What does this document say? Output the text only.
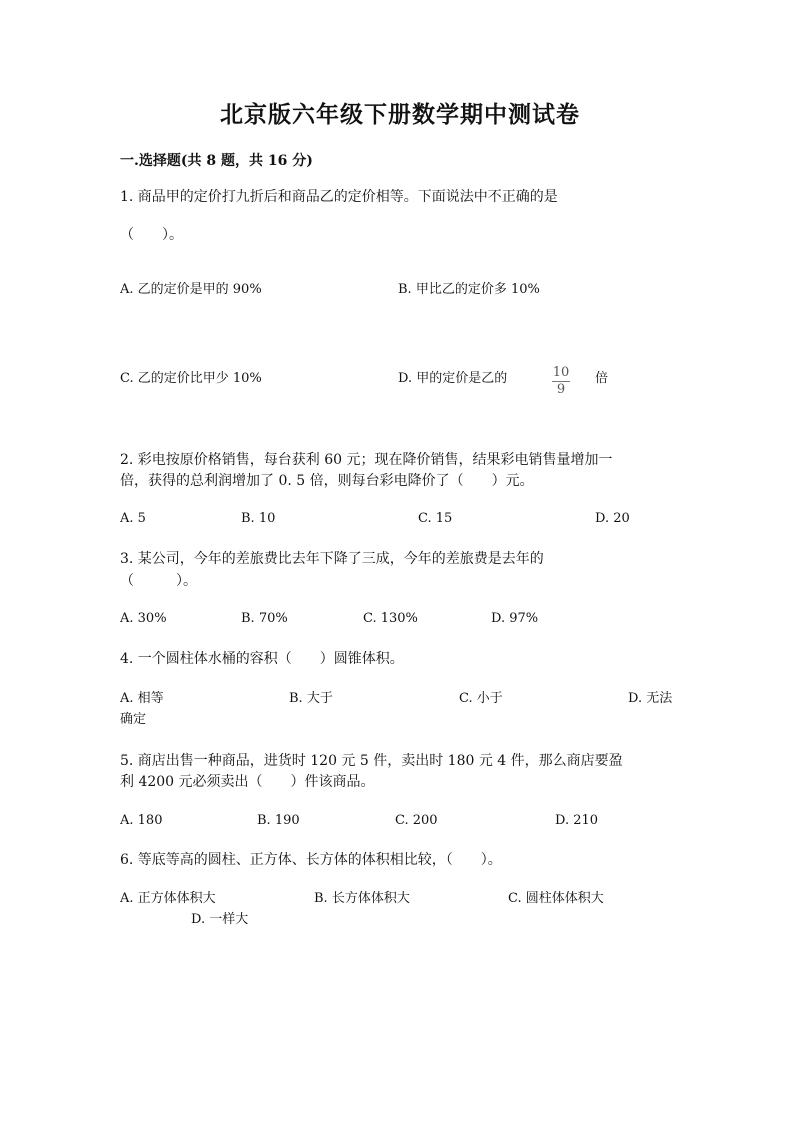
北京版六年级下册数学期中测试卷
一.选择题(共 8 题，共 16 分)
1. 商品甲的定价打九折后和商品乙的定价相等。下面说法中不正确的是
（　　）。
A. 乙的定价是甲的 90%	B. 甲比乙的定价多 10%
C. 乙的定价比甲少 10%	D. 甲的定价是乙的	10
9
倍
2. 彩电按原价格销售，每台获利 60 元；现在降价销售，结果彩电销售量增加一
倍，获得的总利润增加了 0. 5 倍，则每台彩电降价了（　　）元。
A. 5	B. 10	C. 15	D. 20
3. 某公司，今年的差旅费比去年下降了三成，今年的差旅费是去年的
（　　　）。
A. 30%	B. 70%	C. 130%	D. 97%
4. 一个圆柱体水桶的容积（　　）圆锥体积。
A. 相等	B. 大于	C. 小于	D. 无法
确定
5. 商店出售一种商品，进货时 120 元 5 件，卖出时 180 元 4 件，那么商店要盈
利 4200 元必须卖出（　　）件该商品。
A. 180	B. 190	C. 200	D. 210
6. 等底等高的圆柱、正方体、长方体的体积相比较，（　　）。
A. 正方体体积大	B. 长方体体积大	C. 圆柱体体积大
D. 一样大
